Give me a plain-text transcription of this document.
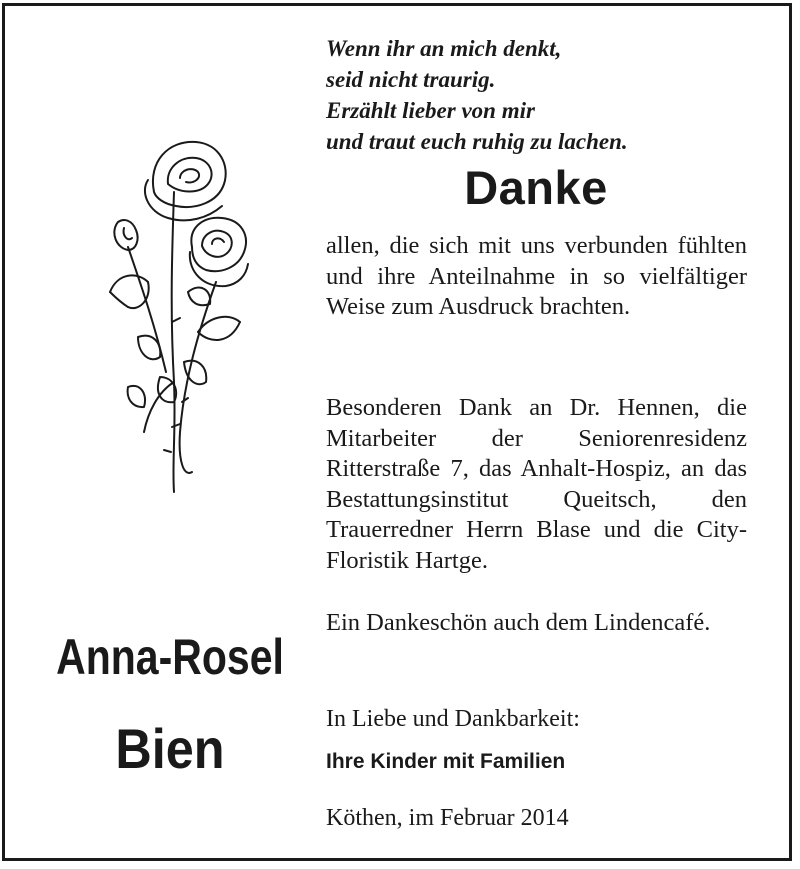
Wenn ihr an mich denkt,
seid nicht traurig.
Erzählt lieber von mir
und traut euch ruhig zu lachen.
Danke
allen, die sich mit uns verbunden fühlten und ihre Anteilnahme in so vielfältiger Weise zum Ausdruck brachten.
Besonderen Dank an Dr. Hennen, die Mitarbeiter der Seniorenresidenz Ritterstraße 7, das Anhalt-Hospiz, an das Bestattungsinstitut Queitsch, den Trauerredner Herrn Blase und die City-Floristik Hartge.
Ein Dankeschön auch dem Lindencafé.
In Liebe und Dankbarkeit:
Ihre Kinder mit Familien
Köthen, im Februar 2014
Anna-Rosel
Bien
